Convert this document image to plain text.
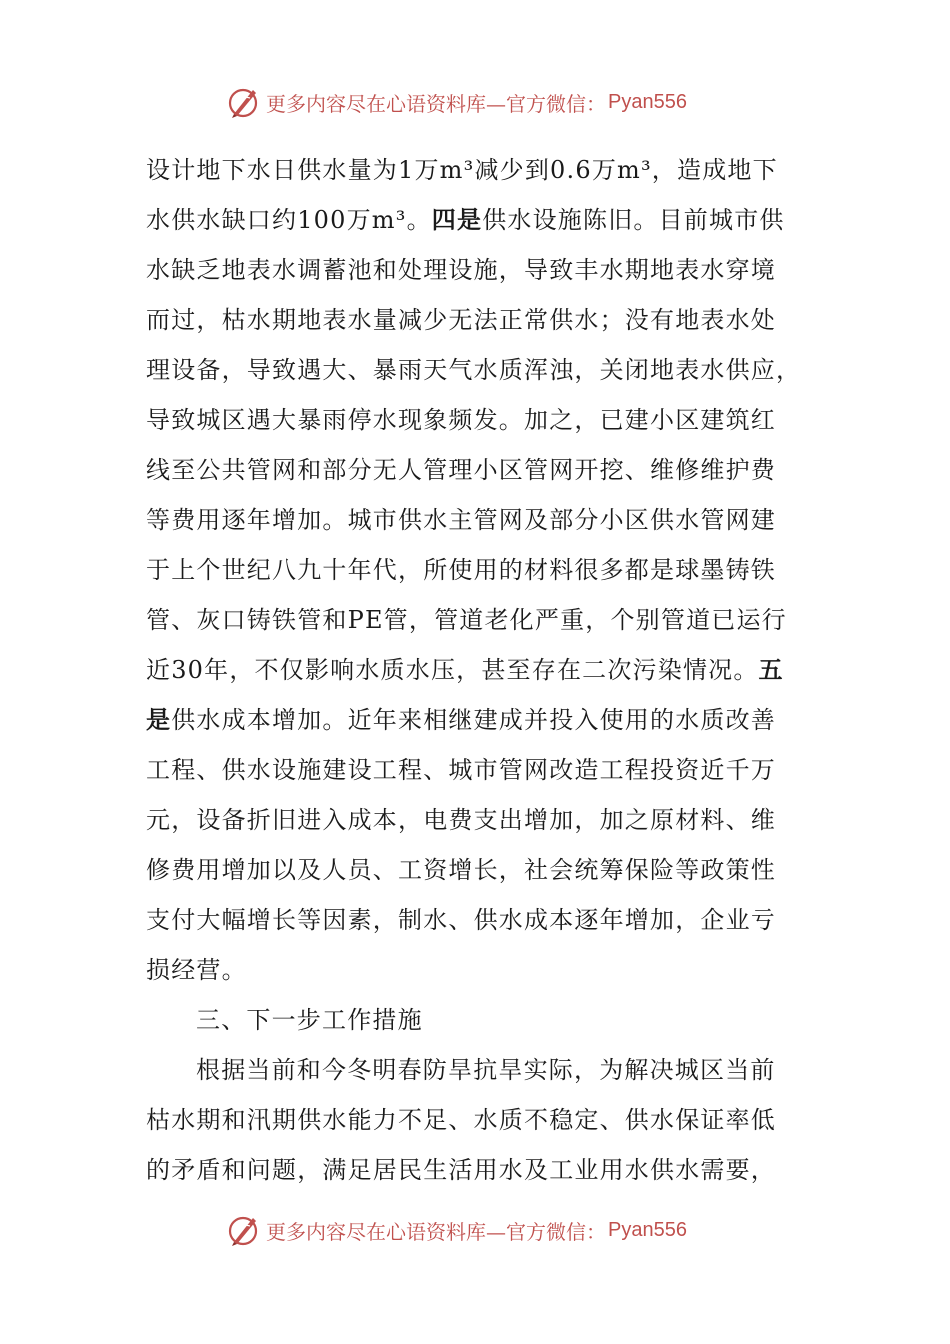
更多内容尽在心语资料库—官方微信： Pyan556
设计地下水日供水量为1万m³减少到0.6万m³，造成地下
水供水缺口约100万m³。四是供水设施陈旧。目前城市供
水缺乏地表水调蓄池和处理设施，导致丰水期地表水穿境
而过，枯水期地表水量减少无法正常供水；没有地表水处
理设备，导致遇大、暴雨天气水质浑浊，关闭地表水供应，
导致城区遇大暴雨停水现象频发。加之，已建小区建筑红
线至公共管网和部分无人管理小区管网开挖、维修维护费
等费用逐年增加。城市供水主管网及部分小区供水管网建
于上个世纪八九十年代，所使用的材料很多都是球墨铸铁
管、灰口铸铁管和PE管，管道老化严重，个别管道已运行
近30年，不仅影响水质水压，甚至存在二次污染情况。五
是供水成本增加。近年来相继建成并投入使用的水质改善
工程、供水设施建设工程、城市管网改造工程投资近千万
元，设备折旧进入成本，电费支出增加，加之原材料、维
修费用增加以及人员、工资增长，社会统筹保险等政策性
支付大幅增长等因素，制水、供水成本逐年增加，企业亏
损经营。
三、下一步工作措施
根据当前和今冬明春防旱抗旱实际，为解决城区当前
枯水期和汛期供水能力不足、水质不稳定、供水保证率低
的矛盾和问题，满足居民生活用水及工业用水供水需要，
更多内容尽在心语资料库—官方微信： Pyan556
